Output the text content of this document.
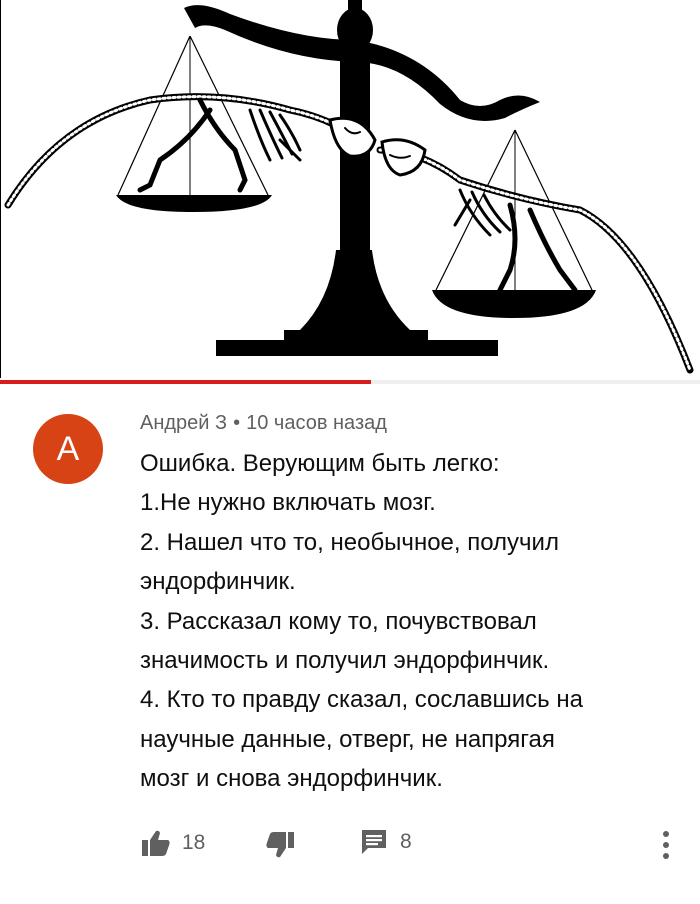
A
Андрей З • 10 часов назад

Ошибка. Верующим быть легко:

1.Не нужно включать мозг.

2. Нашел что то, необычное, получил

эндорфинчик.

3. Рассказал кому то, почувствовал

значимость и получил эндорфинчик.

4. Кто то правду сказал, сославшись на

научные данные, отверг, не напрягая

мозг и снова эндорфинчик.

18	8
